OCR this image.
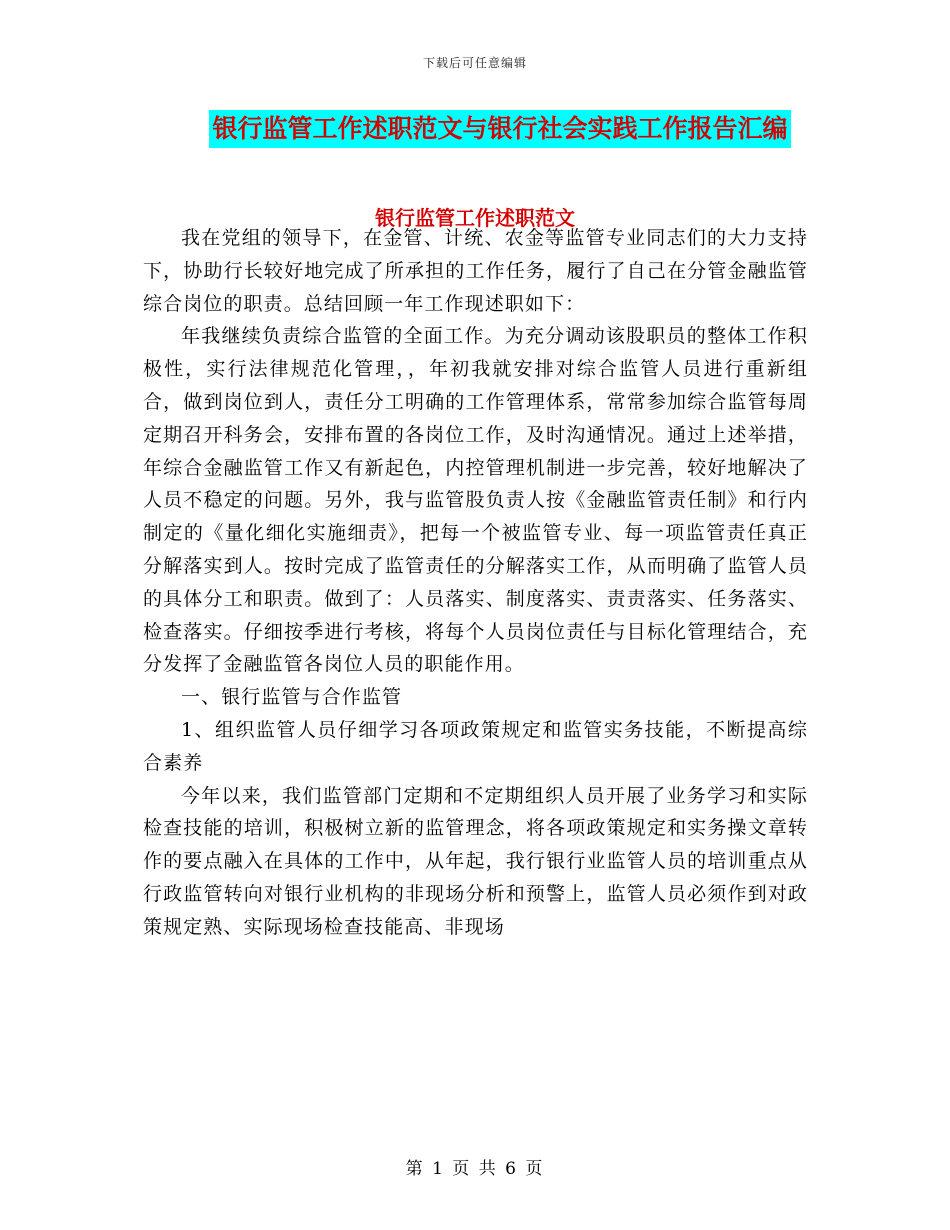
下载后可任意编辑
银行监管工作述职范文与银行社会实践工作报告汇编
银行监管工作述职范文

我在党组的领导下，在金管、计统、农金等监管专业同志们的大力支持下，协助行长较好地完成了所承担的工作任务，履行了自己在分管金融监管综合岗位的职责。总结回顾一年工作现述职如下：

年我继续负责综合监管的全面工作。为充分调动该股职员的整体工作积极性，实行法律规范化管理，，年初我就安排对综合监管人员进行重新组合，做到岗位到人，责任分工明确的工作管理体系，常常参加综合监管每周定期召开科务会，安排布置的各岗位工作，及时沟通情况。通过上述举措，年综合金融监管工作又有新起色，内控管理机制进一步完善，较好地解决了人员不稳定的问题。另外，我与监管股负责人按《金融监管责任制》和行内制定的《量化细化实施细责》，把每一个被监管专业、每一项监管责任真正分解落实到人。按时完成了监管责任的分解落实工作，从而明确了监管人员的具体分工和职责。做到了：人员落实、制度落实、责责落实、任务落实、检查落实。仔细按季进行考核，将每个人员岗位责任与目标化管理结合，充分发挥了金融监管各岗位人员的职能作用。

一、银行监管与合作监管

1、组织监管人员仔细学习各项政策规定和监管实务技能，不断提高综合素养

今年以来，我们监管部门定期和不定期组织人员开展了业务学习和实际检查技能的培训，积极树立新的监管理念，将各项政策规定和实务操文章转作的要点融入在具体的工作中，从年起，我行银行业监管人员的培训重点从行政监管转向对银行业机构的非现场分析和预警上，监管人员必须作到对政策规定熟、实际现场检查技能高、非现场

第 1 页 共 6 页
